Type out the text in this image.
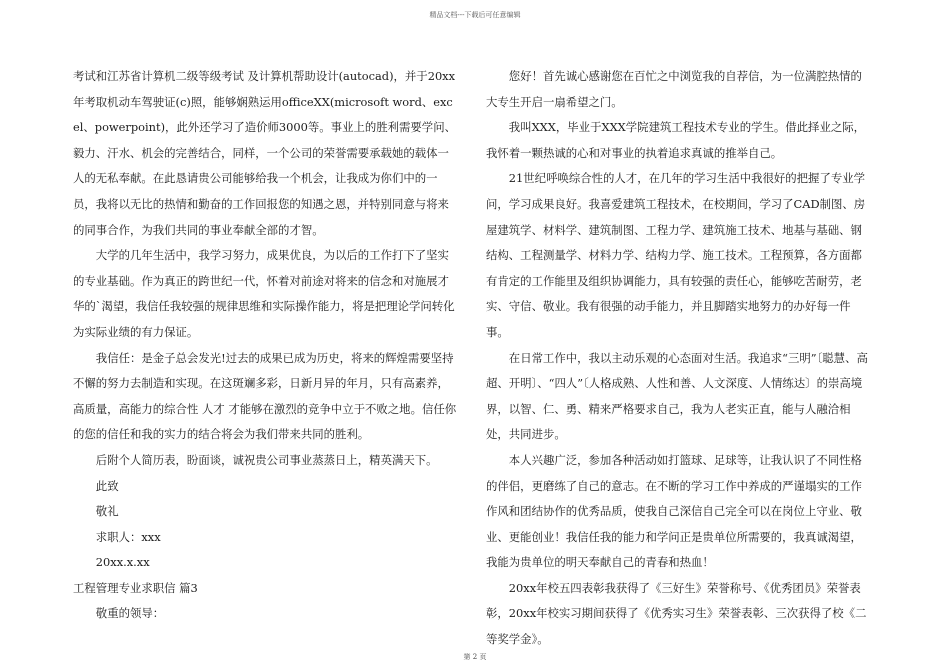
精品文档---下载后可任意编辑

考试和江苏省计算机二级等级考试 及计算机帮助设计(autocad)，并于20xx年考取机动车驾驶证(c)照，能够娴熟运用officeXX(microsoft word、excel、powerpoint)，此外还学习了造价师3000等。事业上的胜利需要学问、毅力、汗水、机会的完善结合，同样，一个公司的荣誉需要承载她的载体一人的无私奉献。在此恳请贵公司能够给我一个机会，让我成为你们中的一员，我将以无比的热情和勤奋的工作回报您的知遇之恩，并特别同意与将来的同事合作，为我们共同的事业奉献全部的才智。

大学的几年生活中，我学习努力，成果优良，为以后的工作打下了坚实的专业基础。作为真正的跨世纪一代，怀着对前途对将来的信念和对施展才华的`渴望，我信任我较强的规律思维和实际操作能力，将是把理论学问转化为实际业绩的有力保证。

我信任：是金子总会发光!过去的成果已成为历史，将来的辉煌需要坚持不懈的努力去制造和实现。在这斑斓多彩，日新月异的年月，只有高素养，高质量，高能力的综合性 人才 才能够在激烈的竞争中立于不败之地。信任你的您的信任和我的实力的结合将会为我们带来共同的胜利。

后附个人简历表，盼面谈，诚祝贵公司事业蒸蒸日上，精英满天下。

此致

敬礼

求职人：xxx

20xx.x.xx

工程管理专业求职信 篇3

敬重的领导：

您好！首先诚心感谢您在百忙之中浏览我的自荐信，为一位满腔热情的大专生开启一扇希望之门。

我叫XXX，毕业于XXX学院建筑工程技术专业的学生。借此择业之际，我怀着一颗热诚的心和对事业的执着追求真诚的推举自己。

21世纪呼唤综合性的人才，在几年的学习生活中我很好的把握了专业学问，学习成果良好。我喜爱建筑工程技术，在校期间，学习了CAD制图、房屋建筑学、材料学、建筑制图、工程力学、建筑施工技术、地基与基础、钢结构、工程测量学、材料力学、结构力学、施工技术。工程预算，各方面都有肯定的工作能里及组织协调能力，具有较强的责任心，能够吃苦耐劳，老实、守信、敬业。我有很强的动手能力，并且脚踏实地努力的办好每一件事。

在日常工作中，我以主动乐观的心态面对生活。我追求“三明”〔聪慧、高超、开明〕、“四人”〔人格成熟、人性和善、人文深度、人情练达〕的崇高境界，以智、仁、勇、精来严格要求自己，我为人老实正直，能与人融洽相处，共同进步。

本人兴趣广泛，参加各种活动如打篮球、足球等，让我认识了不同性格的伴侣，更磨练了自己的意志。在不断的学习工作中养成的严谨塌实的工作作风和团结协作的优秀品质，使我自己深信自己完全可以在岗位上守业、敬业、更能创业！我信任我的能力和学问正是贵单位所需要的，我真诚渴望，我能为贵单位的明天奉献自己的青春和热血！

20xx年校五四表彰我获得了《三好生》荣誉称号、《优秀团员》荣誉表彰，20xx年校实习期间获得了《优秀实习生》荣誉表彰、三次获得了校《二等奖学金》。

第 2 页
